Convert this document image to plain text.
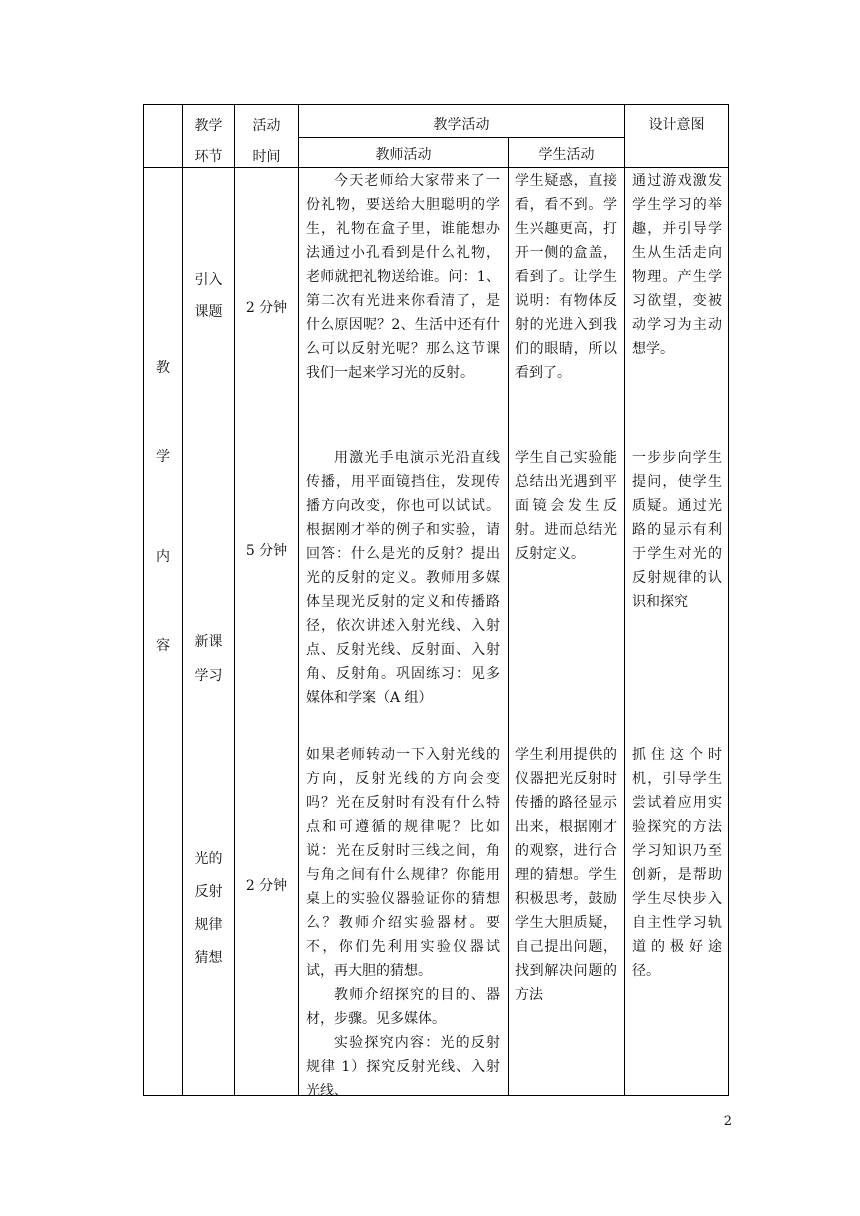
教学
环节
活动
时间
教学活动
教师活动	学生活动
设计意图
教
学
内
容
引入
课题	2 分钟

今天老师给大家带来了一份礼物，要送给大胆聪明的学生，礼物在盒子里，谁能想办法通过小孔看到是什么礼物，老师就把礼物送给谁。问：1、第二次有光进来你看清了，是什么原因呢？2、生活中还有什么可以反射光呢？那么这节课我们一起来学习光的反射。

学生疑惑，直接看，看不到。学生兴趣更高，打开一侧的盒盖，看到了。让学生说明：有物体反射的光进入到我们的眼睛，所以看到了。

通过游戏激发学生学习的举趣，并引导学生从生活走向物理。产生学习欲望，变被动学习为主动想学。

新课
学习
5 分钟

用激光手电演示光沿直线传播，用平面镜挡住，发现传播方向改变，你也可以试试。根据刚才举的例子和实验，请回答：什么是光的反射？提出光的反射的定义。教师用多媒体呈现光反射的定义和传播路径，依次讲述入射光线、入射点、反射光线、反射面、入射角、反射角。巩固练习：见多媒体和学案（A 组）

学生自己实验能总结出光遇到平面镜会发生反射。进而总结光反射定义。

一步步向学生提问，使学生质疑。通过光路的显示有利于学生对光的反射规律的认识和探究

光的
反射
规律
猜想
2 分钟

如果老师转动一下入射光线的方向，反射光线的方向会变吗？光在反射时有没有什么特点和可遵循的规律呢？比如说：光在反射时三线之间，角与角之间有什么规律？你能用桌上的实验仪器验证你的猜想么？教师介绍实验器材。要不，你们先利用实验仪器试试，再大胆的猜想。

教师介绍探究的目的、器材，步骤。见多媒体。

实验探究内容：光的反射规律 1）探究反射光线、入射光线、

学生利用提供的仪器把光反射时传播的路径显示出来，根据刚才的观察，进行合理的猜想。学生积极思考，鼓励学生大胆质疑，自己提出问题，找到解决问题的方法

抓住这个时机，引导学生尝试着应用实验探究的方法学习知识乃至创新，是帮助学生尽快步入自主性学习轨道的极好途径。

2
